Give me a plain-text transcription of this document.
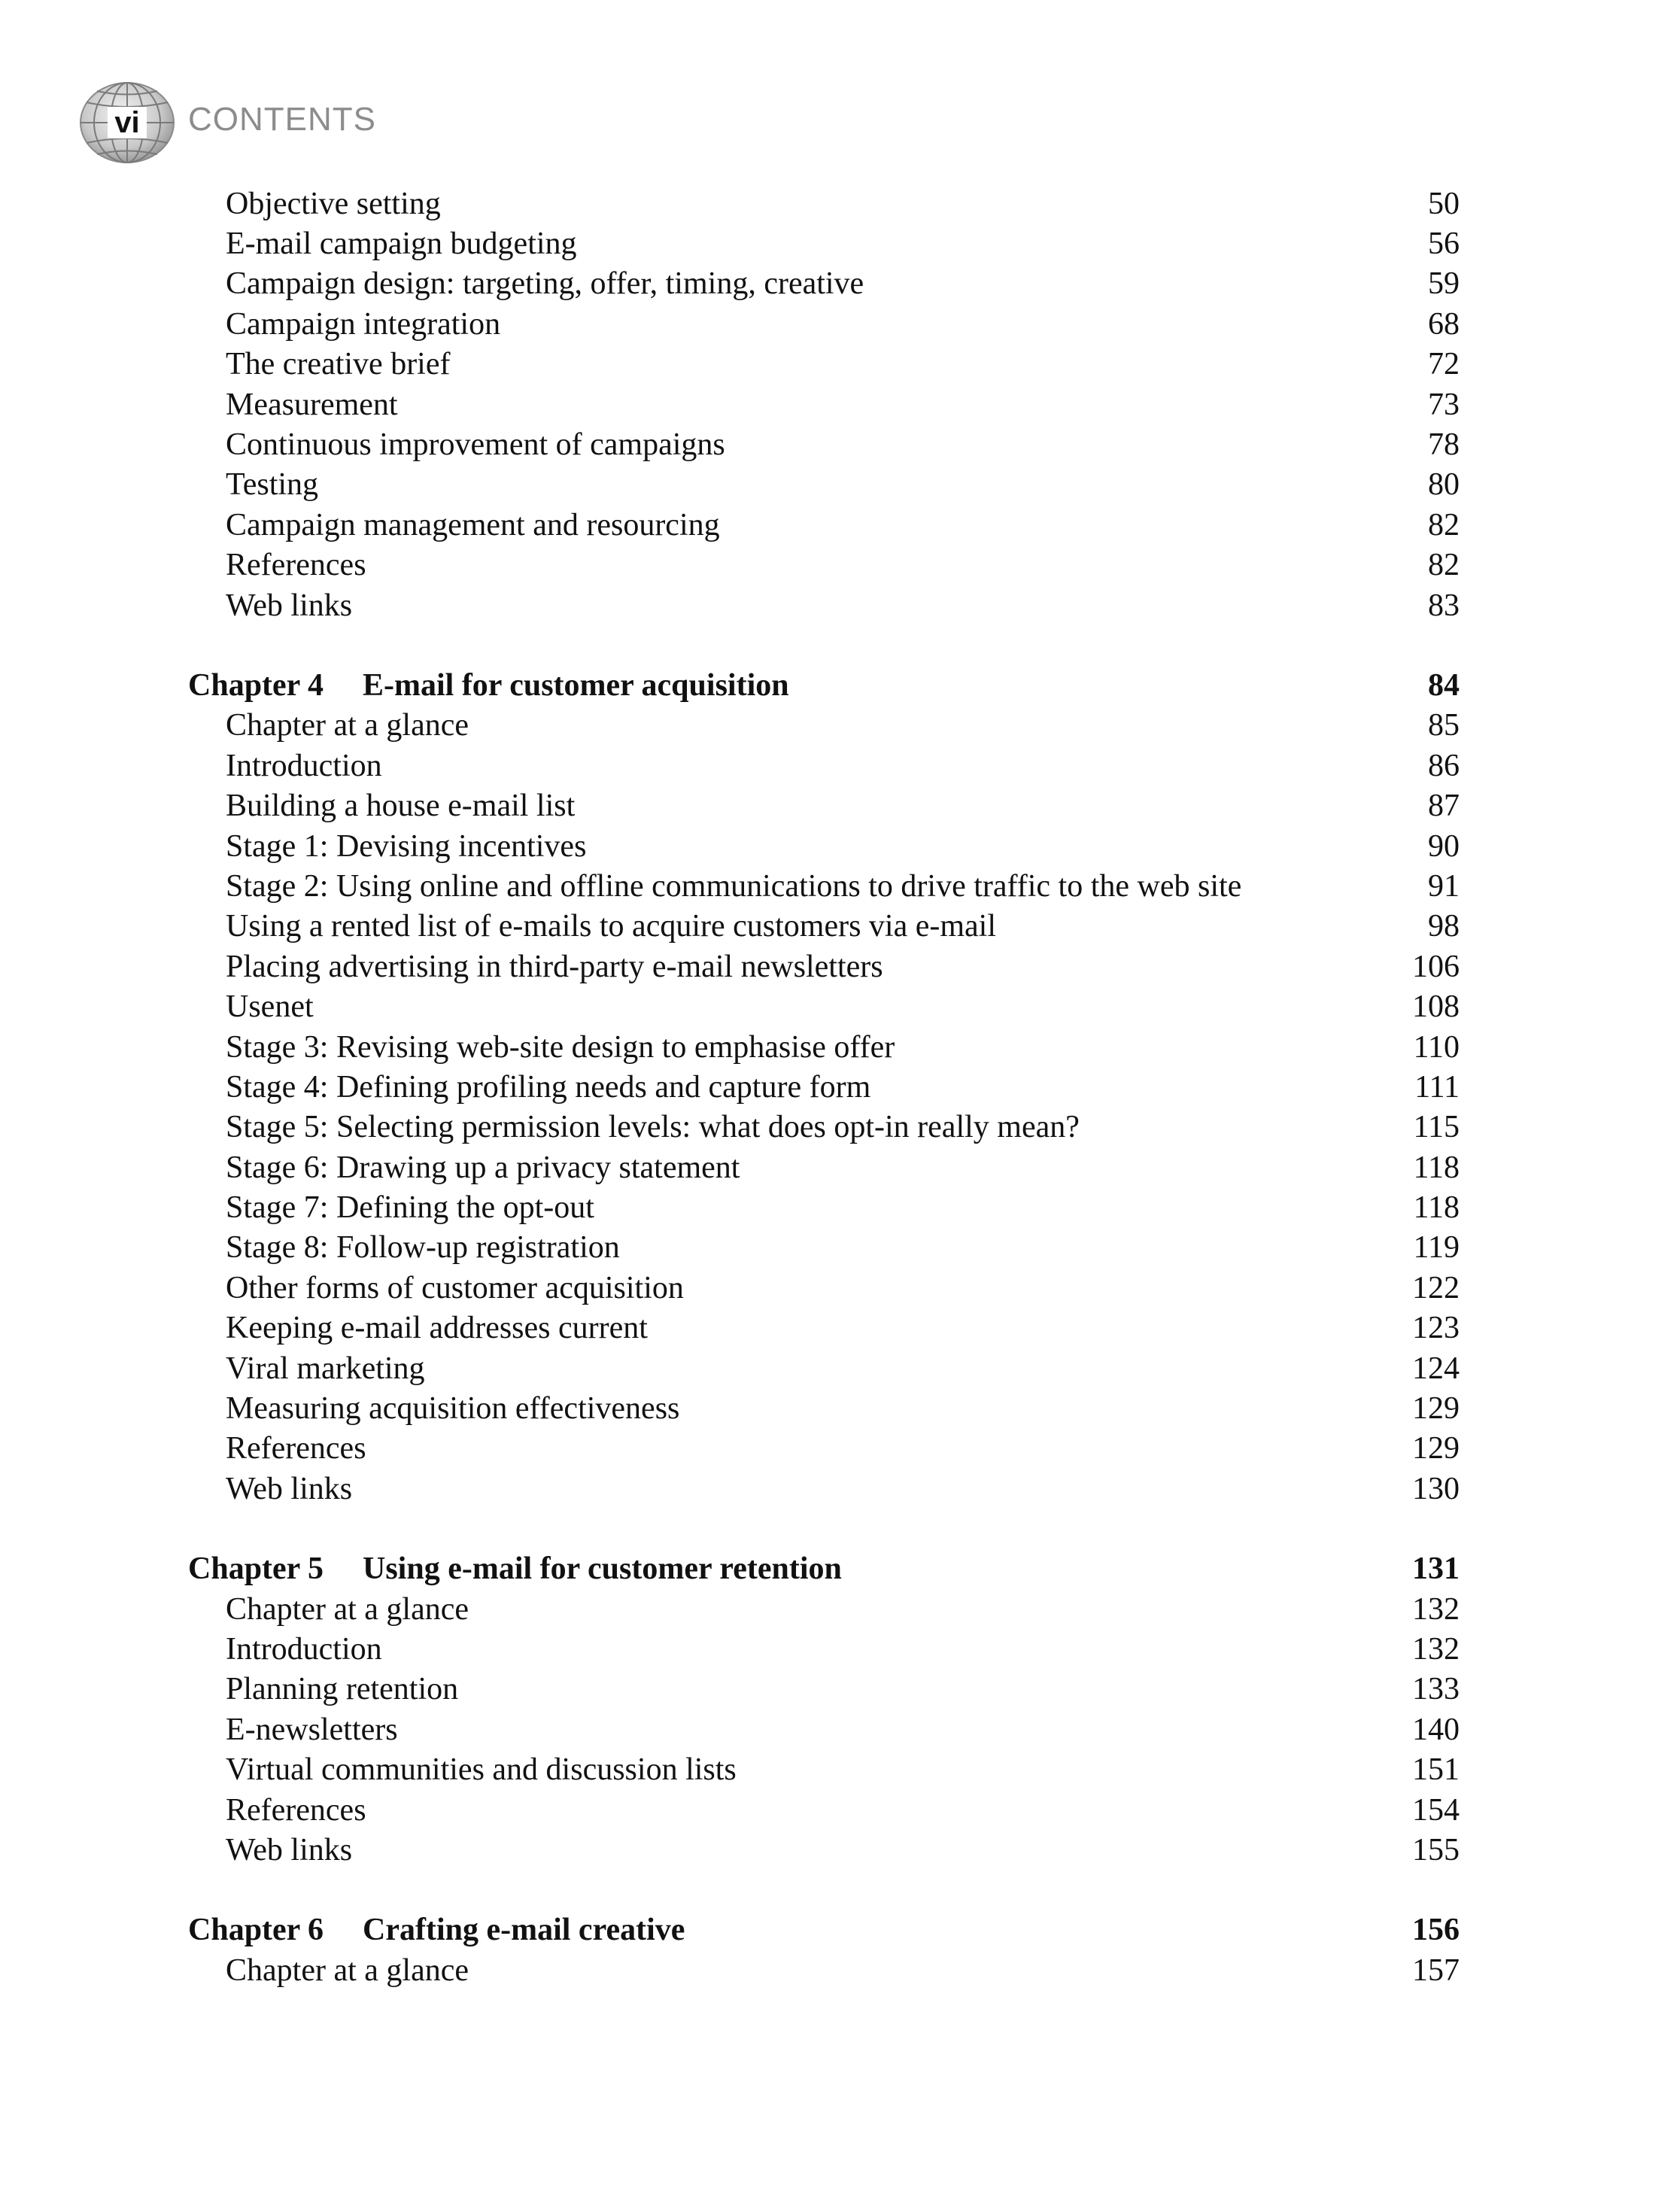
vi	CONTENTS
Objective setting	50
E-mail campaign budgeting	56
Campaign design: targeting, offer, timing, creative	59
Campaign integration	68
The creative brief	72
Measurement	73
Continuous improvement of campaigns	78
Testing	80
Campaign management and resourcing	82
References	82
Web links	83
Chapter 4 E-mail for customer acquisition	84
Chapter at a glance	85
Introduction	86
Building a house e-mail list	87
Stage 1: Devising incentives	90
Stage 2: Using online and offline communications to drive traffic to the web site	91
Using a rented list of e-mails to acquire customers via e-mail	98
Placing advertising in third-party e-mail newsletters	106
Usenet	108
Stage 3: Revising web-site design to emphasise offer	110
Stage 4: Defining profiling needs and capture form	111
Stage 5: Selecting permission levels: what does opt-in really mean?	115
Stage 6: Drawing up a privacy statement	118
Stage 7: Defining the opt-out	118
Stage 8: Follow-up registration	119
Other forms of customer acquisition	122
Keeping e-mail addresses current	123
Viral marketing	124
Measuring acquisition effectiveness	129
References	129
Web links	130
Chapter 5 Using e-mail for customer retention	131
Chapter at a glance	132
Introduction	132
Planning retention	133
E-newsletters	140
Virtual communities and discussion lists	151
References	154
Web links	155
Chapter 6 Crafting e-mail creative	156
Chapter at a glance	157
